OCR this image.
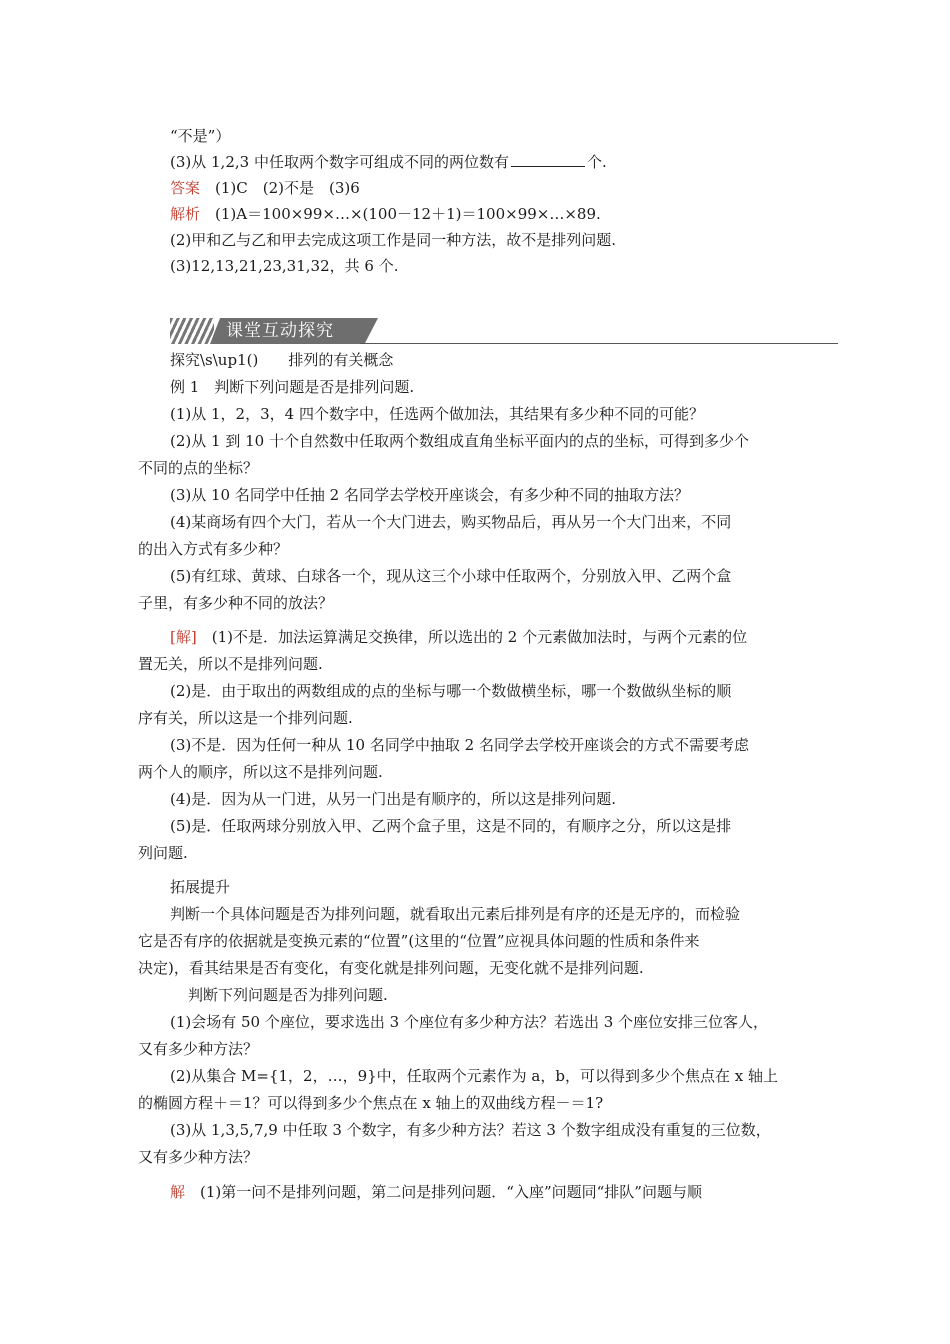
“不是”）
(3)从 1,2,3 中任取两个数字可组成不同的两位数有	个.
答案　 (1)C　(2)不是　(3)6
解析　 (1)A＝100×99×…×(100－12＋1)＝100×99×…×89.
(2)甲和乙与乙和甲去完成这项工作是同一种方法，故不是排列问题.
(3)12,13,21,23,31,32，共 6 个.
课堂互动探究
探究\s\up1()　　排列的有关概念
例 1　判断下列问题是否是排列问题.
(1)从 1，2，3，4 四个数字中，任选两个做加法，其结果有多少种不同的可能？
(2)从 1 到 10 十个自然数中任取两个数组成直角坐标平面内的点的坐标，可得到多少个
不同的点的坐标？
(3)从 10 名同学中任抽 2 名同学去学校开座谈会，有多少种不同的抽取方法？
(4)某商场有四个大门，若从一个大门进去，购买物品后，再从另一个大门出来，不同
的出入方式有多少种？
(5)有红球、黄球、白球各一个，现从这三个小球中任取两个，分别放入甲、乙两个盒
子里，有多少种不同的放法？
[解]　 (1)不是．加法运算满足交换律，所以选出的 2 个元素做加法时，与两个元素的位
置无关，所以不是排列问题.
(2)是．由于取出的两数组成的点的坐标与哪一个数做横坐标，哪一个数做纵坐标的顺
序有关，所以这是一个排列问题.
(3)不是．因为任何一种从 10 名同学中抽取 2 名同学去学校开座谈会的方式不需要考虑
两个人的顺序，所以这不是排列问题.
(4)是．因为从一门进，从另一门出是有顺序的，所以这是排列问题.
(5)是．任取两球分别放入甲、乙两个盒子里，这是不同的，有顺序之分，所以这是排
列问题.
拓展提升
判断一个具体问题是否为排列问题，就看取出元素后排列是有序的还是无序的，而检验
它是否有序的依据就是变换元素的“位置”(这里的“位置”应视具体问题的性质和条件来
决定)，看其结果是否有变化，有变化就是排列问题，无变化就不是排列问题.
判断下列问题是否为排列问题.
(1)会场有 50 个座位，要求选出 3 个座位有多少种方法？若选出 3 个座位安排三位客人，
又有多少种方法？
(2)从集合 M={1，2，…，9}中，任取两个元素作为 a，b，可以得到多少个焦点在 x 轴上
的椭圆方程＋＝1？可以得到多少个焦点在 x 轴上的双曲线方程－＝1?
(3)从 1,3,5,7,9 中任取 3 个数字，有多少种方法？若这 3 个数字组成没有重复的三位数，
又有多少种方法？
解　 (1)第一问不是排列问题，第二问是排列问题．“入座”问题同“排队”问题与顺
